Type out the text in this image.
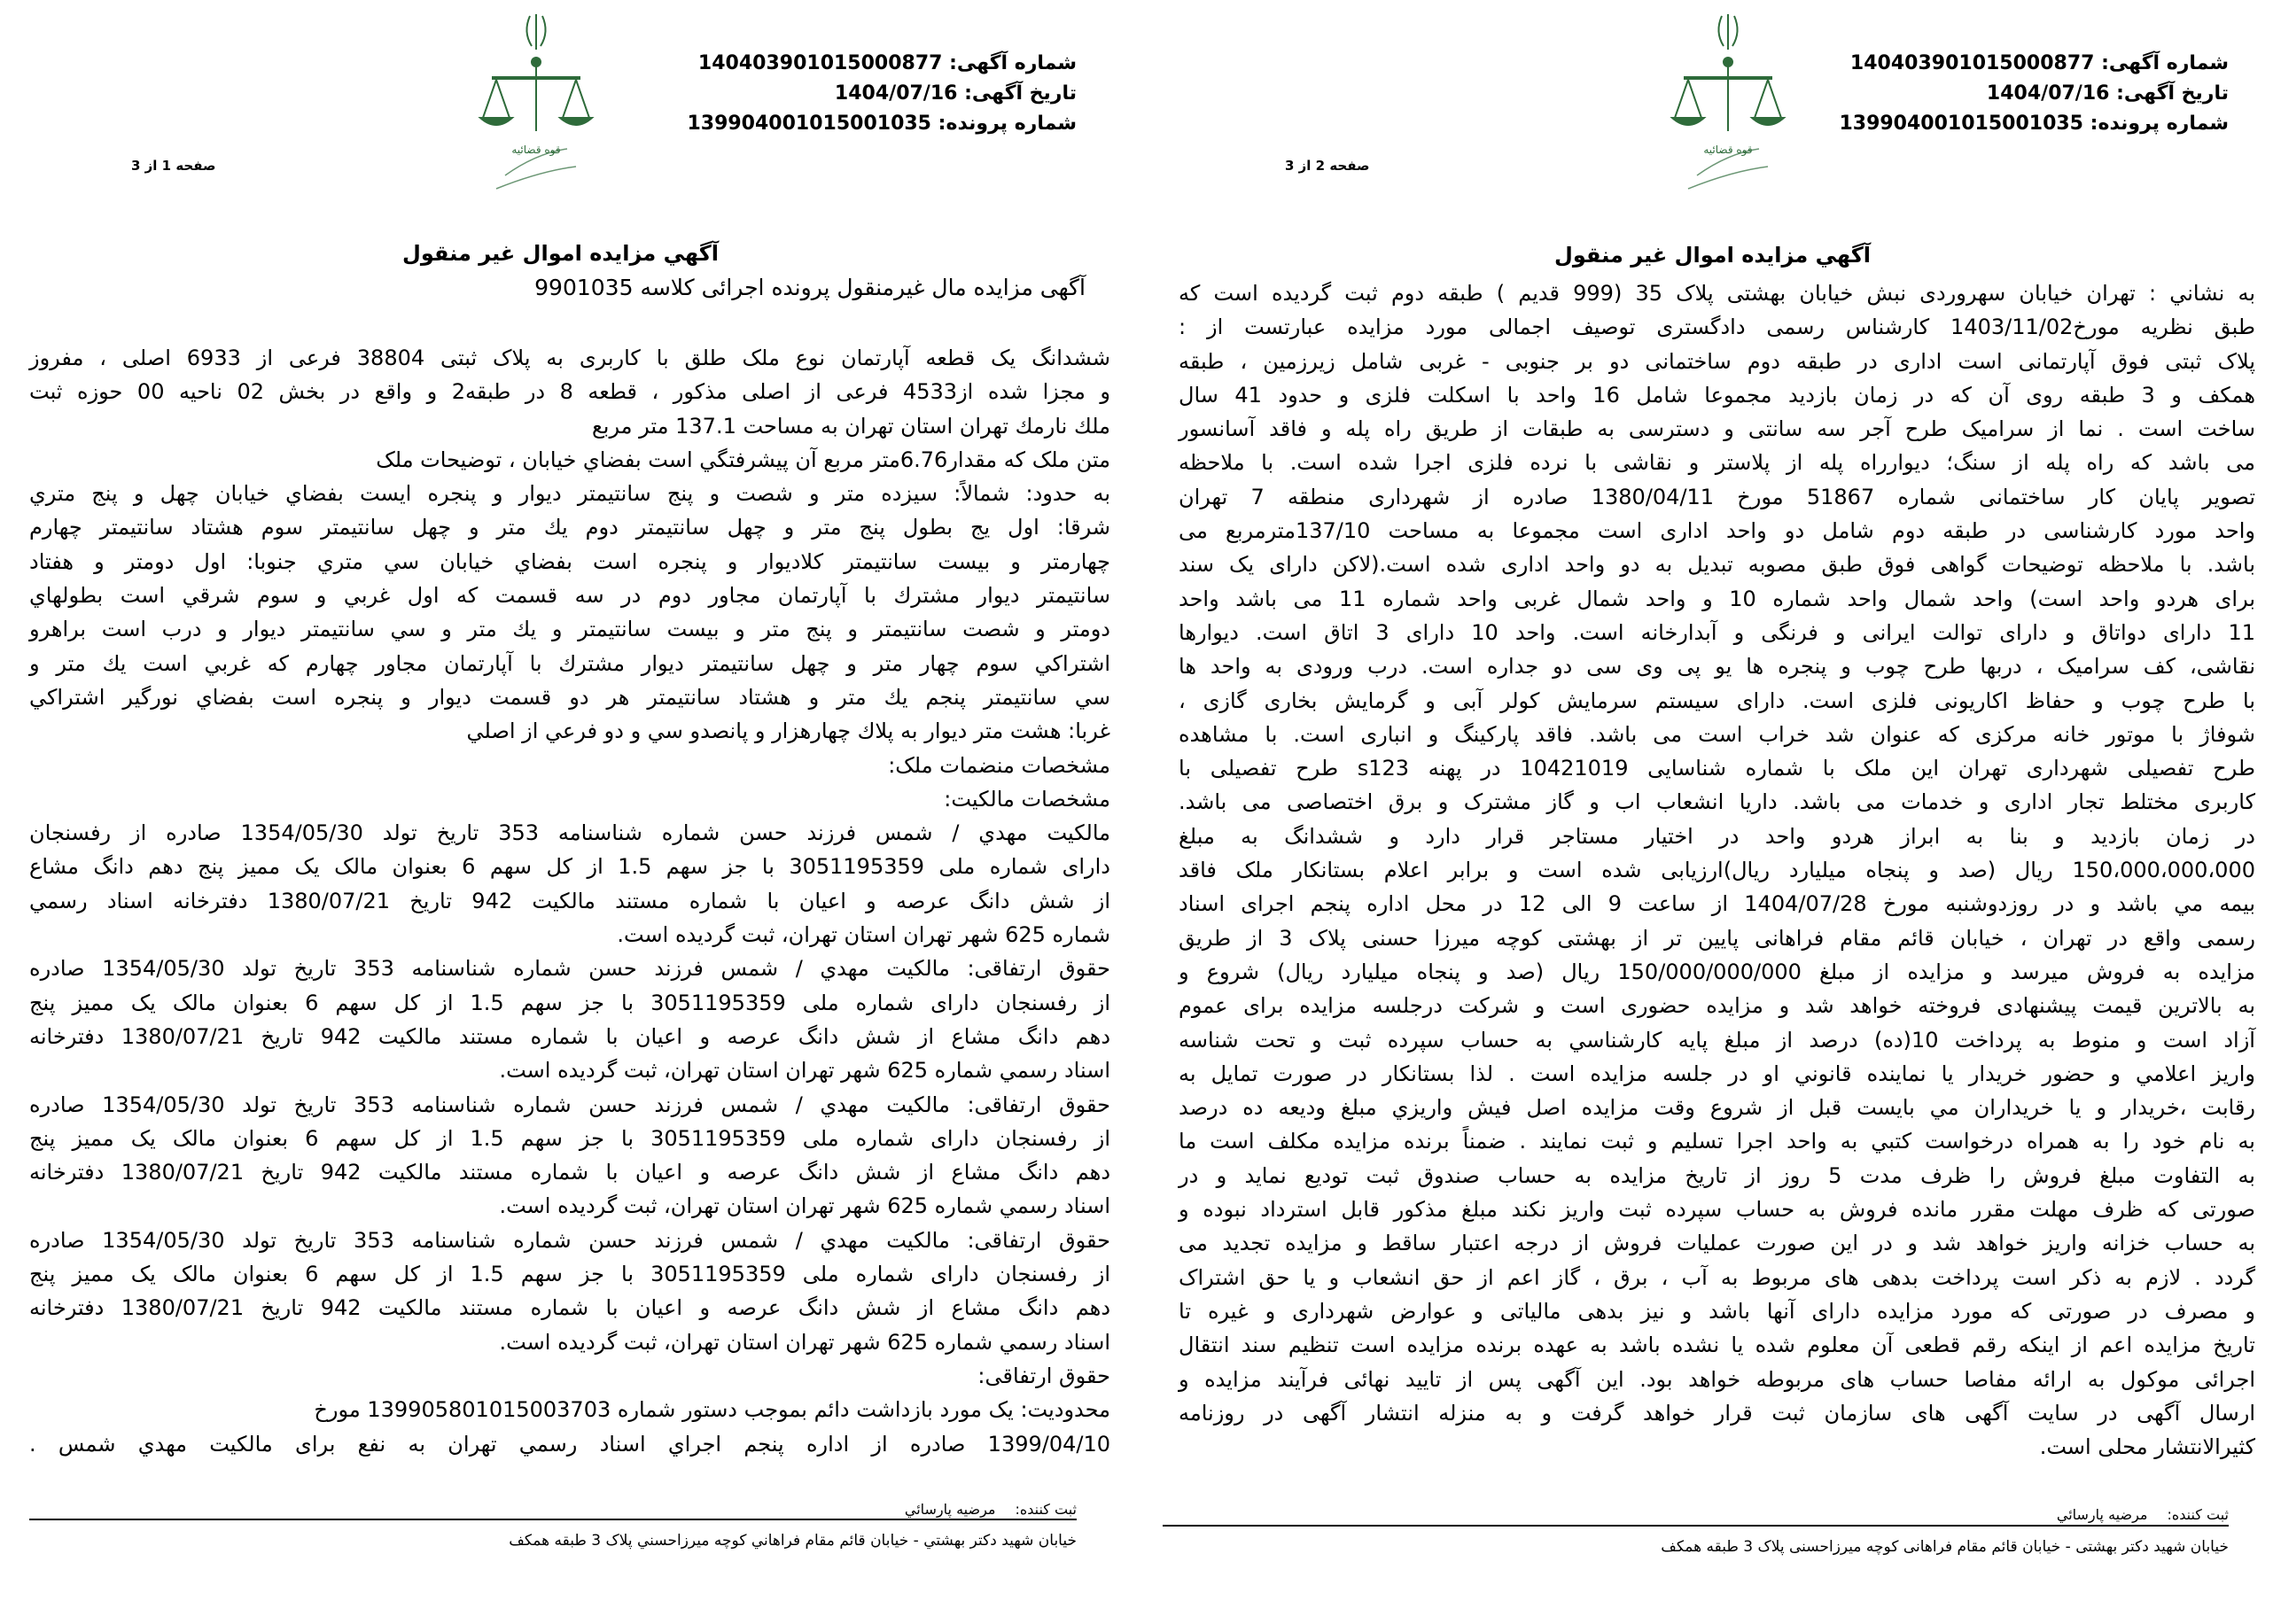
شماره آگهی: 14040390101500087​7
تاریخ آگهی: 1404/07/16
شماره پرونده: 139904001015001035
قوه قضائیه
صفحه 2 از 3
آگهي مزايده اموال غير منقول
به نشاني : تهران خيابان سهروردی نبش خيابان بهشتی پلاک 35 (999 قديم ) طبقه دوم ثبت گرديده است که
طبق نظريه مورخ1403/11/02 کارشناس رسمی دادگستری توصيف اجمالی مورد مزايده عبارتست از :
پلاک ثبتی فوق آپارتمانی است اداری در طبقه دوم ساختمانی دو بر جنوبی - غربی شامل زيرزمين ، طبقه
همکف و 3 طبقه روی آن که در زمان بازديد مجموعا شامل 16 واحد با اسکلت فلزی و حدود 41 سال
ساخت است . نما از سراميک طرح آجر سه سانتی و دسترسی به طبقات از طريق راه پله و فاقد آسانسور
می باشد که راه پله از سنگ؛ ديوارراه پله از پلاستر و نقاشی با نرده فلزی اجرا شده است. با ملاحظه
تصوير پايان کار ساختمانی شماره 51867 مورخ 1380/04/11 صادره از شهرداری منطقه 7 تهران
واحد مورد کارشناسی در طبقه دوم شامل دو واحد اداری است مجموعا به مساحت 137/10مترمربع می
باشد. با ملاحظه توضيحات گواهی فوق طبق مصوبه تبديل به دو واحد اداری شده است.(لاکن دارای يک سند
برای هردو واحد است) واحد شمال واحد شماره 10 و واحد شمال غربی واحد شماره 11 می باشد واحد
11 دارای دواتاق و دارای توالت ايرانی و فرنگی و آبدارخانه است. واحد 10 دارای 3 اتاق است. ديوارها
نقاشی، کف سراميک ، دربها طرح چوب و پنجره ها يو پی وی سی دو جداره است. درب ورودی به واحد ها
با طرح چوب و حفاظ اکاريونی فلزی است. دارای سيستم سرمايش کولر آبی و گرمايش بخاری گازی ،
شوفاژ با موتور خانه مرکزی که عنوان شد خراب است می باشد. فاقد پارکينگ و انباری است. با مشاهده
طرح تفصيلی شهرداری تهران اين ملک با شماره شناسايی 10421019 در پهنه s123 طرح تفصيلی با
کاربری مختلط تجار اداری و خدمات می باشد. داريا انشعاب اب و گاز مشترک و برق اختصاصی می باشد.
در زمان بازديد و بنا به ابراز هردو واحد در اختيار مستاجر قرار دارد و ششدانگ به مبلغ
150،000،000،000 ريال (صد و پنجاه ميليارد ريال)ارزيابی شده است و برابر اعلام بستانکار ملک فاقد
بيمه مي باشد و در روزدوشنبه مورخ 1404/07/28 از ساعت 9 الی 12 در محل اداره پنجم اجرای اسناد
رسمی واقع در تهران ، خيابان قائم مقام فراهانی پايين تر از بهشتی کوچه ميرزا حسنی پلاک 3 از طريق
مزايده به فروش ميرسد و مزايده از مبلغ 150/000/000/000 ريال (صد و پنجاه ميليارد ريال) شروع و
به بالاترين قيمت پيشنهادی فروخته خواهد شد و مزايده حضوری است و شرکت درجلسه مزايده برای عموم
آزاد است و منوط به پرداخت 10(ده) درصد از مبلغ پايه کارشناسي به حساب سپرده ثبت و تحت شناسه
واريز اعلامي و حضور خريدار يا نماينده قانوني او در جلسه مزايده است . لذا بستانكار در صورت تمايل به
رقابت ،خريدار و يا خريداران مي بايست قبل از شروع وقت مزايده اصل فيش واريزي مبلغ وديعه ده درصد
به نام خود را به همراه درخواست كتبي به واحد اجرا تسليم و ثبت نمايند . ضمناً برنده مزايده مكلف است ما
به التفاوت مبلغ فروش را ظرف مدت 5 روز از تاريخ مزايده به حساب صندوق ثبت توديع نمايد و در
صورتی که ظرف مهلت مقرر مانده فروش به حساب سپرده ثبت واريز نکند مبلغ مذکور قابل استرداد نبوده و
به حساب خزانه واريز خواهد شد و در اين صورت عمليات فروش از درجه اعتبار ساقط و مزايده تجديد می
گردد . لازم به ذکر است پرداخت بدهی های مربوط به آب ، برق ، گاز اعم از حق انشعاب و يا حق اشتراک
و مصرف در صورتی که مورد مزايده دارای آنها باشد و نيز بدهی مالياتی و عوارض شهرداری و غيره تا
تاريخ مزايده اعم از اينکه رقم قطعی آن معلوم شده يا نشده باشد به عهده برنده مزايده است تنظيم سند انتقال
اجرائی موکول به ارائه مفاصا حساب های مربوطه خواهد بود. اين آگهی پس از تاييد نهائی فرآيند مزايده و
ارسال آگهی در سايت آگهی های سازمان ثبت قرار خواهد گرفت و به منزله انتشار آگهی در روزنامه
کثيرالانتشار محلی است.
ثبت کننده:مرضيه پارسائي
خيابان شهيد دکتر بهشتی - خيابان قائم مقام فراهانی کوچه ميرزاحسنی پلاک 3 طبقه همکف
شماره آگهی: 140403901015000877
تاریخ آگهی: 1404/07/16
شماره پرونده: 139904001015001035
قوه قضائیه
صفحه 1 از 3
آگهي مزايده اموال غير منقول
آگهی مزايده مال غيرمنقول پرونده اجرائی کلاسه 9901035
ششدانگ يک قطعه آپارتمان نوع ملک طلق با کاربری به پلاک ثبتی 38804 فرعی از 6933 اصلی ، مفروز
و مجزا شده از4533 فرعی از اصلی مذکور ، قطعه 8 در طبقه2 و واقع در بخش 02 ناحيه 00 حوزه ثبت
ملك نارمك تهران استان تهران به مساحت 137.1 متر مربع
متن ملک که مقدار6.76متر مربع آن پيشرفتگي است بفضاي خيابان ، توضيحات ملک
به حدود: شمالاً: سيزده متر و شصت و پنج سانتيمتر ديوار و پنجره ايست بفضاي خيابان چهل و پنج متري
شرقا: اول يج بطول پنج متر و چهل سانتيمتر دوم يك متر و چهل سانتيمتر سوم هشتاد سانتيمتر چهارم
چهارمتر و بيست سانتيمتر كلاديوار و پنجره است بفضاي خيابان سي متري جنوبا: اول دومتر و هفتاد
سانتيمتر ديوار مشترك با آپارتمان مجاور دوم در سه قسمت كه اول غربي و سوم شرقي است بطولهاي
دومتر و شصت سانتيمتر و پنج متر و بيست سانتيمتر و يك متر و سي سانتيمتر ديوار و درب است براهرو
اشتراكي سوم چهار متر و چهل سانتيمتر ديوار مشترك با آپارتمان مجاور چهارم كه غربي است يك متر و
سي سانتيمتر پنجم يك متر و هشتاد سانتيمتر هر دو قسمت ديوار و پنجره است بفضاي نورگير اشتراكي
غربا: هشت متر ديوار به پلاك چهارهزار و پانصدو سي و دو فرعي از اصلي
مشخصات منضمات ملک:
مشخصات مالکيت:
مالکيت مهدي / شمس فرزند حسن شماره شناسنامه 353 تاريخ تولد 1354/05/30 صادره از رفسنجان
دارای شماره ملی 3051195359 با جز سهم 1.5 از کل سهم 6 بعنوان مالک يک مميز پنج دهم دانگ مشاع
از شش دانگ عرصه و اعيان با شماره مستند مالکيت 942 تاريخ 1380/07/21 دفترخانه اسناد رسمي
شماره 625 شهر تهران استان تهران، ثبت گرديده است.
حقوق ارتفاقی: مالکيت مهدي / شمس فرزند حسن شماره شناسنامه 353 تاريخ تولد 1354/05/30 صادره
از رفسنجان دارای شماره ملی 3051195359 با جز سهم 1.5 از کل سهم 6 بعنوان مالک يک مميز پنج
دهم دانگ مشاع از شش دانگ عرصه و اعيان با شماره مستند مالکيت 942 تاريخ 1380/07/21 دفترخانه
اسناد رسمي شماره 625 شهر تهران استان تهران، ثبت گرديده است.
حقوق ارتفاقی: مالکيت مهدي / شمس فرزند حسن شماره شناسنامه 353 تاريخ تولد 1354/05/30 صادره
از رفسنجان دارای شماره ملی 3051195359 با جز سهم 1.5 از کل سهم 6 بعنوان مالک يک مميز پنج
دهم دانگ مشاع از شش دانگ عرصه و اعيان با شماره مستند مالکيت 942 تاريخ 1380/07/21 دفترخانه
اسناد رسمي شماره 625 شهر تهران استان تهران، ثبت گرديده است.
حقوق ارتفاقی: مالکيت مهدي / شمس فرزند حسن شماره شناسنامه 353 تاريخ تولد 1354/05/30 صادره
از رفسنجان دارای شماره ملی 3051195359 با جز سهم 1.5 از کل سهم 6 بعنوان مالک يک مميز پنج
دهم دانگ مشاع از شش دانگ عرصه و اعيان با شماره مستند مالکيت 942 تاريخ 1380/07/21 دفترخانه
اسناد رسمي شماره 625 شهر تهران استان تهران، ثبت گرديده است.
حقوق ارتفاقی:
محدوديت: يک مورد بازداشت دائم بموجب دستور شماره 13990580101500370​3 مورخ
1399/04/10 صادره از اداره پنجم اجراي اسناد رسمي تهران به نفع برای مالکيت مهدي شمس .
ثبت کننده:مرضيه پارسائي
خيابان شهيد دکتر بهشتي - خيابان قائم مقام فراهاني کوچه ميرزاحسني پلاک 3 طبقه همکف
